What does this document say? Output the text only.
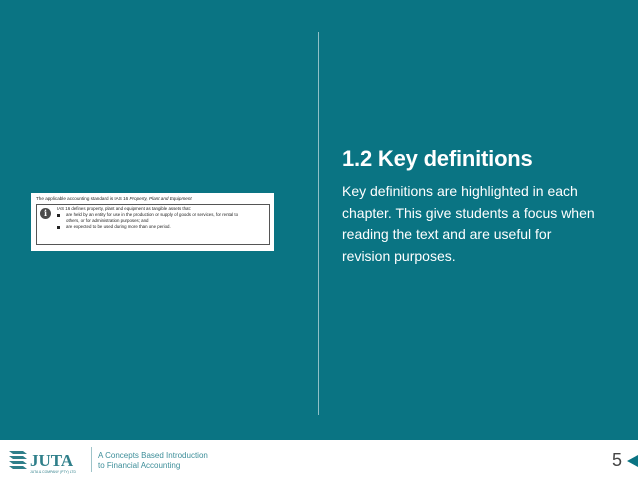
The applicable accounting standard is IAS 16 Property, Plant and Equipment
i	IAS 16 defines property, plant and equipment as tangible assets that:
are held by an entity for use in the production or supply of goods or services, for rental to
others, or for administration purposes; and
are expected to be used during more than one period.
1.2 Key definitions

Key definitions are highlighted in each chapter. This give students a focus when reading the text and are useful for revision purposes.

JUTA
JUTA & COMPANY (PTY) LTD
A Concepts Based Introduction
to Financial Accounting	5
